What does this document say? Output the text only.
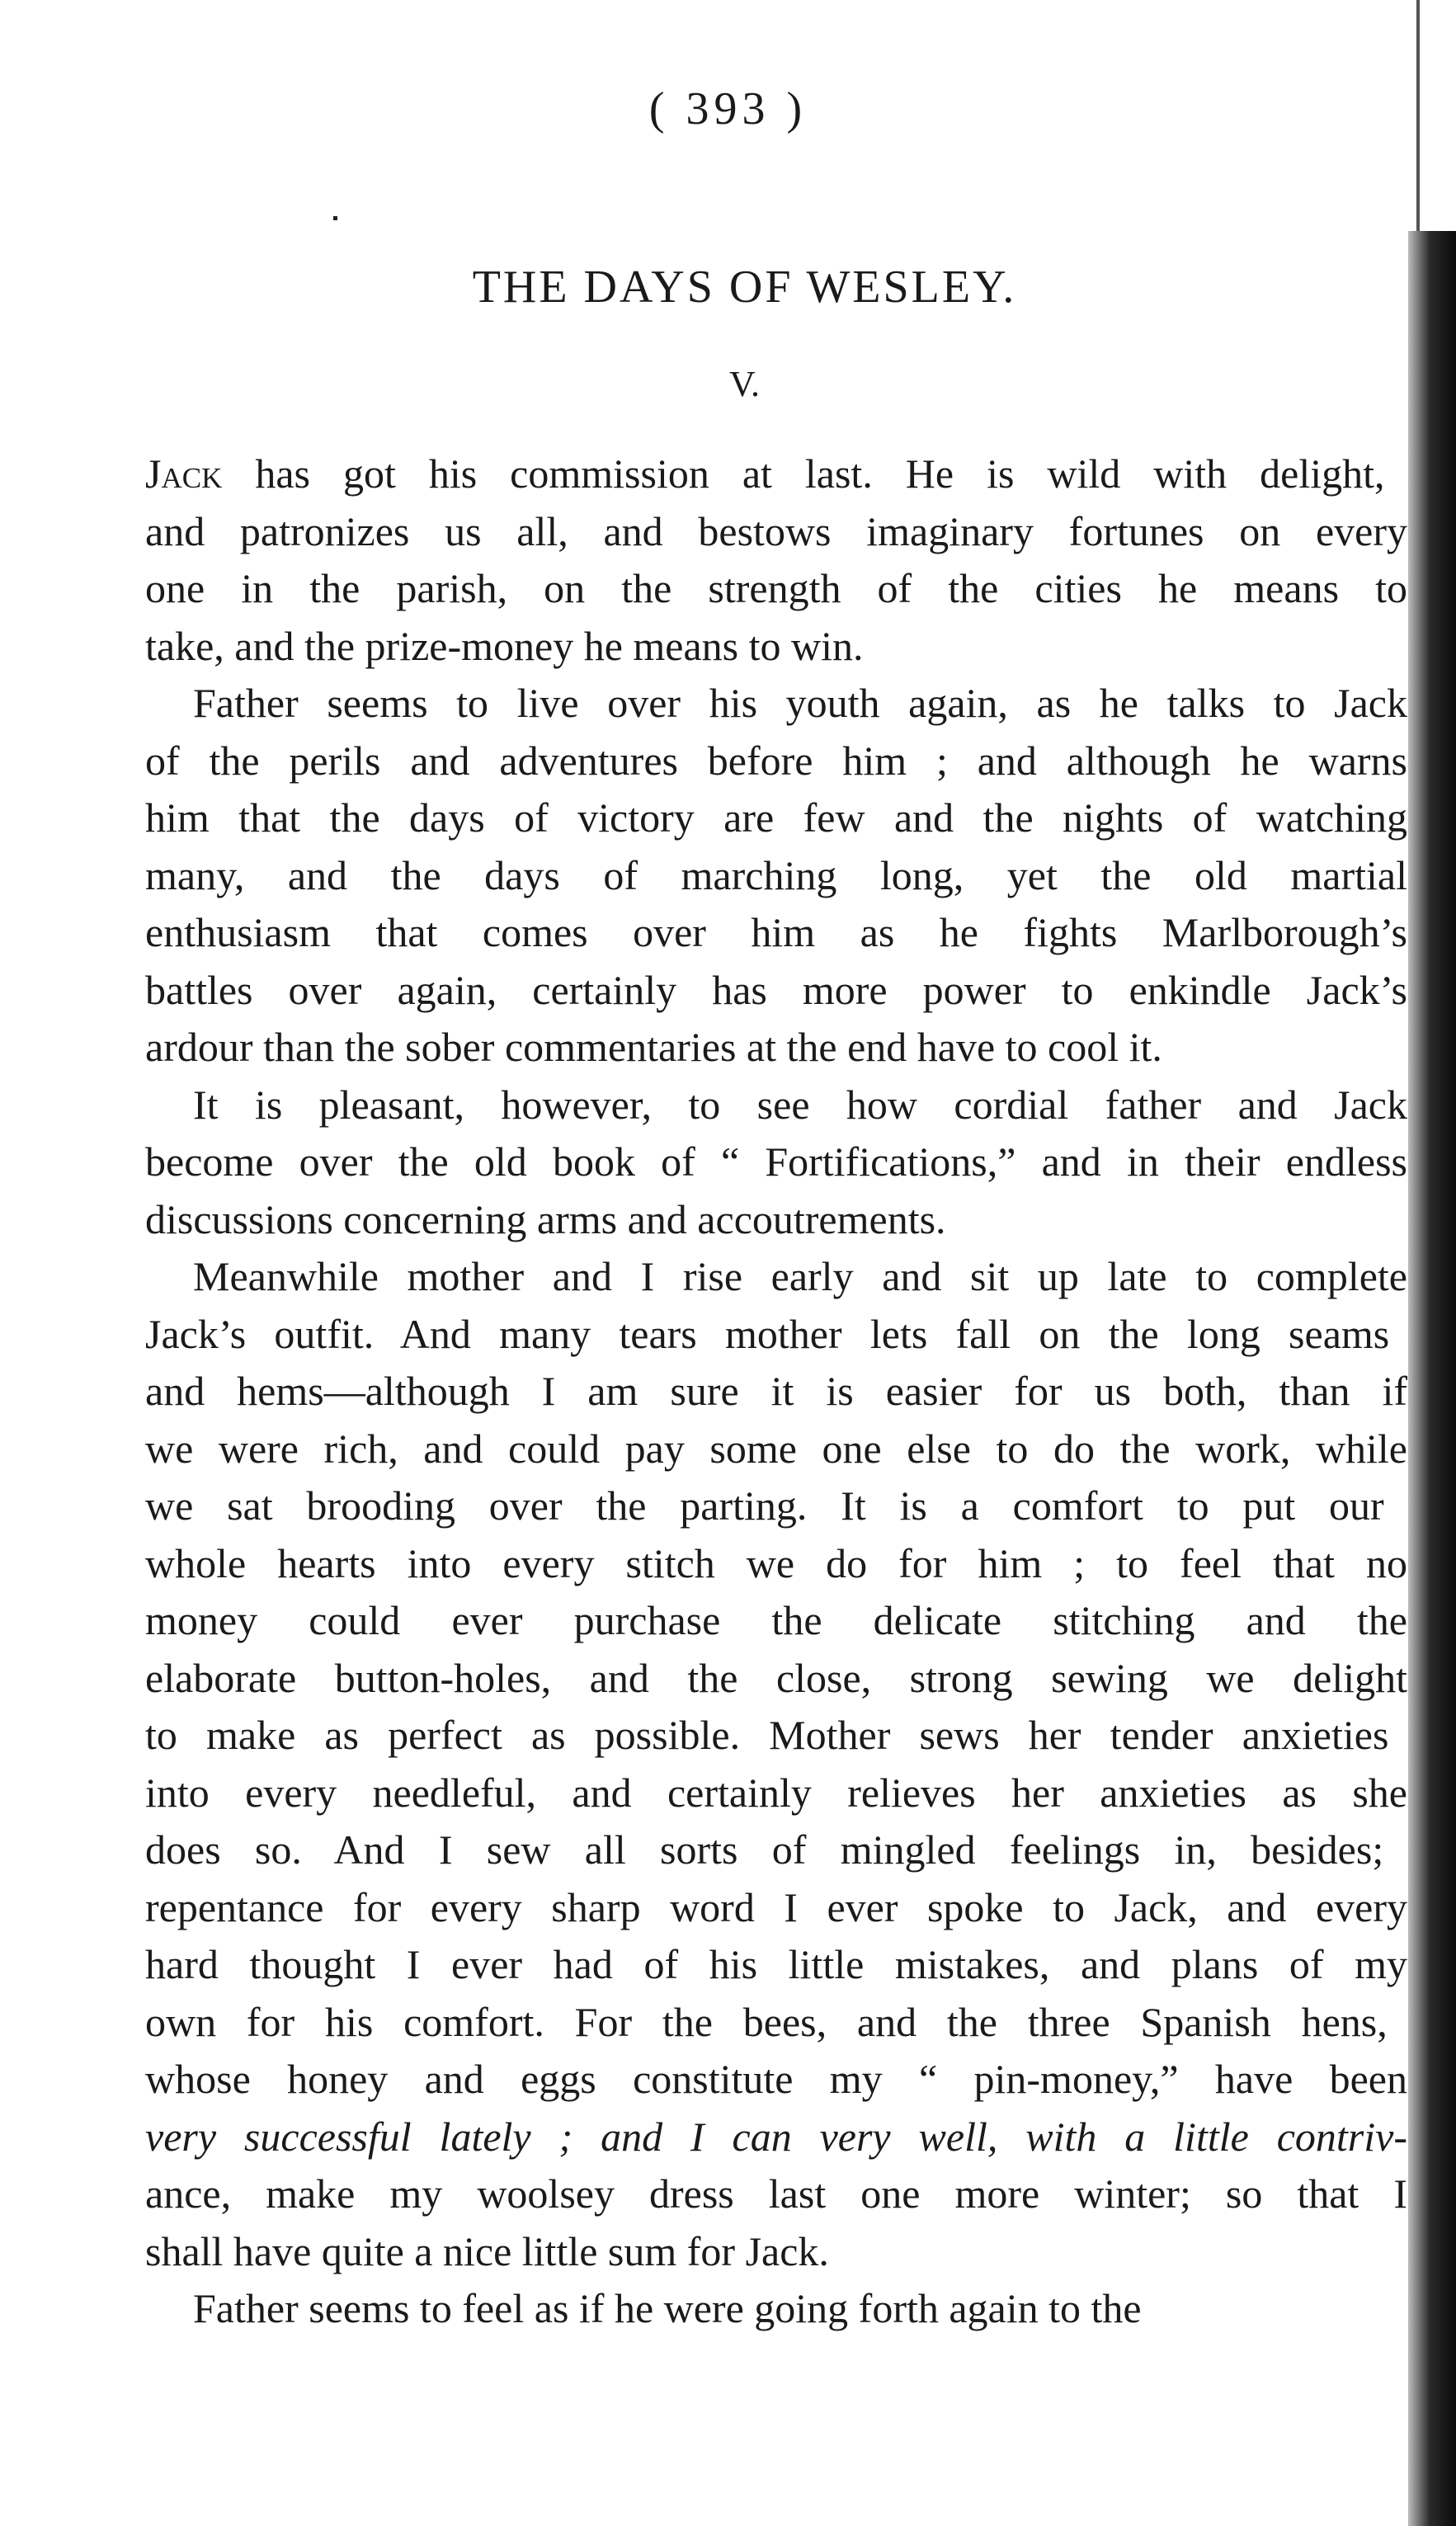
( 393 )
THE DAYS OF WESLEY.
V.
Jack has got his commission at last. He is wild with delight,
and patronizes us all, and bestows imaginary fortunes on every
one in the parish, on the strength of the cities he means to
take, and the prize-money he means to win.
Father seems to live over his youth again, as he talks to Jack
of the perils and adventures before him ; and although he warns
him that the days of victory are few and the nights of watching
many, and the days of marching long, yet the old martial
enthusiasm that comes over him as he fights Marlborough’s
battles over again, certainly has more power to enkindle Jack’s
ardour than the sober commentaries at the end have to cool it.
It is pleasant, however, to see how cordial father and Jack
become over the old book of “ Fortifications,” and in their endless
discussions concerning arms and accoutrements.
Meanwhile mother and I rise early and sit up late to complete
Jack’s outfit. And many tears mother lets fall on the long seams
and hems—although I am sure it is easier for us both, than if
we were rich, and could pay some one else to do the work, while
we sat brooding over the parting. It is a comfort to put our
whole hearts into every stitch we do for him ; to feel that no
money could ever purchase the delicate stitching and the
elaborate button-holes, and the close, strong sewing we delight
to make as perfect as possible. Mother sews her tender anxieties
into every needleful, and certainly relieves her anxieties as she
does so. And I sew all sorts of mingled feelings in, besides;
repentance for every sharp word I ever spoke to Jack, and every
hard thought I ever had of his little mistakes, and plans of my
own for his comfort. For the bees, and the three Spanish hens,
whose honey and eggs constitute my “ pin-money,” have been
very successful lately ; and I can very well, with a little contriv-
ance, make my woolsey dress last one more winter; so that I
shall have quite a nice little sum for Jack.
Father seems to feel as if he were going forth again to the
